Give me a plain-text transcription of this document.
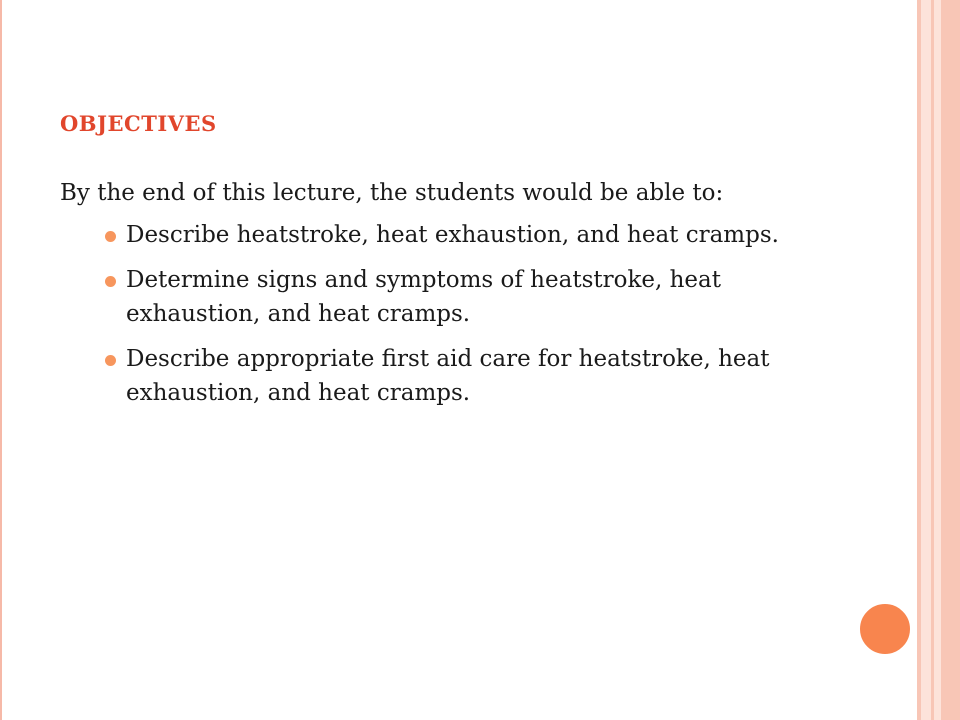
OBJECTIVES

By the end of this lecture, the students would be able to:

Describe heatstroke, heat exhaustion, and heat cramps.
Determine signs and symptoms of heatstroke, heat exhaustion, and heat cramps.
Describe appropriate first aid care for heatstroke, heat exhaustion, and heat cramps.
